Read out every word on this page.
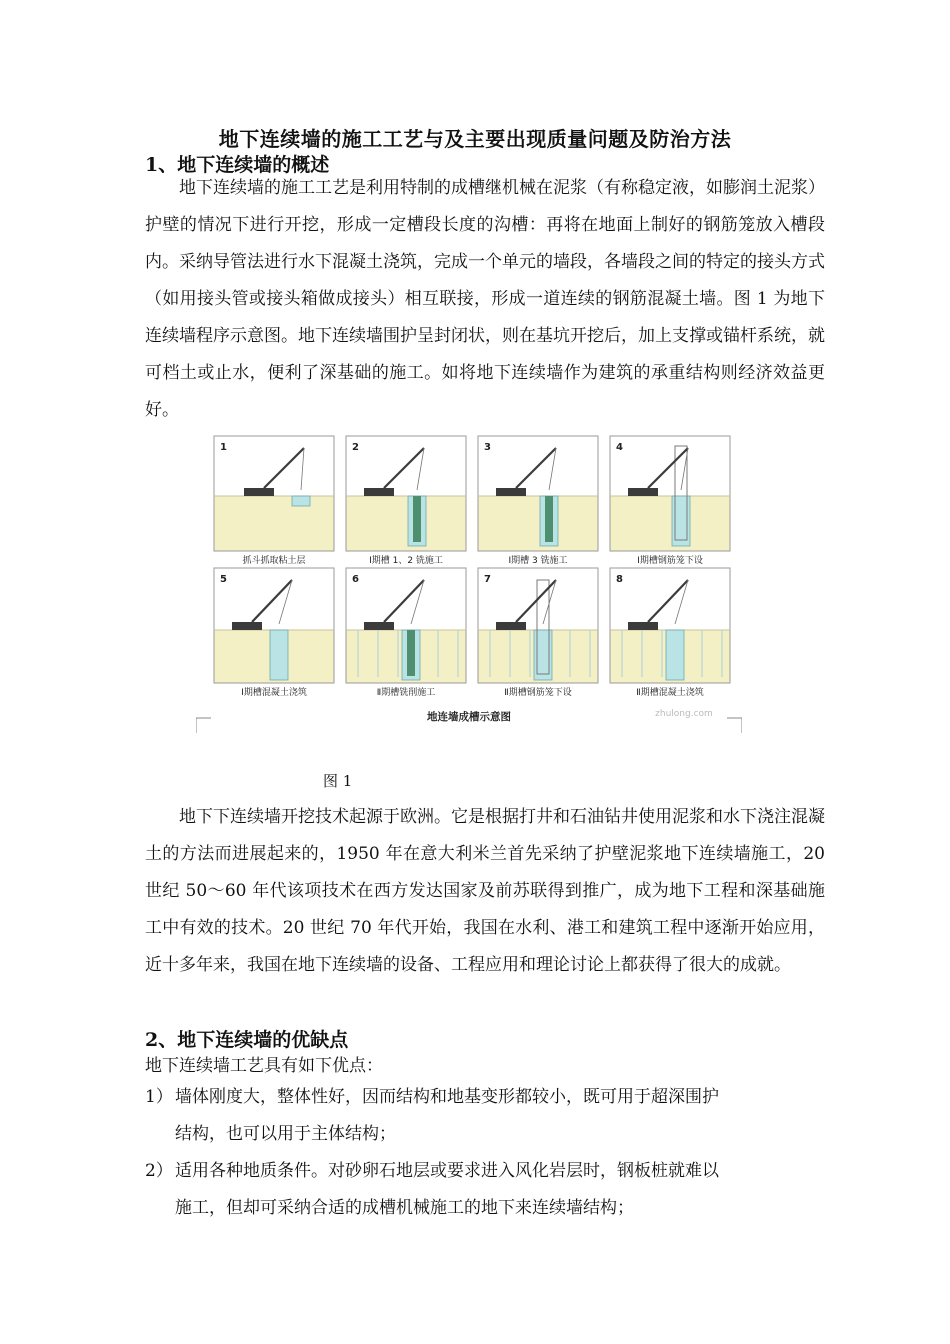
地下连续墙的施工工艺与及主要出现质量问题及防治方法
1、地下连续墙的概述

地下连续墙的施工工艺是利用特制的成槽继机械在泥浆（有称稳定液，如膨润土泥浆）护壁的情况下进行开挖，形成一定槽段长度的沟槽：再将在地面上制好的钢筋笼放入槽段内。采纳导管法进行水下混凝土浇筑，完成一个单元的墙段，各墙段之间的特定的接头方式（如用接头管或接头箱做成接头）相互联接，形成一道连续的钢筋混凝土墙。图 1 为地下连续墙程序示意图。地下连续墙围护呈封闭状，则在基坑开挖后，加上支撑或锚杆系统，就可档土或止水，便利了深基础的施工。如将地下连续墙作为建筑的承重结构则经济效益更好。

1
抓斗抓取粘土层
2
Ⅰ期槽 1、2 铣施工
3
Ⅰ期槽 3 铣施工
4
Ⅰ期槽钢筋笼下设
5
Ⅰ期槽混凝土浇筑
6
Ⅱ期槽铣削施工
7
Ⅱ期槽钢筋笼下设
8
Ⅱ期槽混凝土浇筑
地连墙成槽示意图	zhulong.com
图 1

地下下连续墙开挖技术起源于欧洲。它是根据打井和石油钻井使用泥浆和水下浇注混凝土的方法而进展起来的，1950 年在意大利米兰首先采纳了护壁泥浆地下连续墙施工，20 世纪 50～60 年代该项技术在西方发达国家及前苏联得到推广，成为地下工程和深基础施工中有效的技术。20 世纪 70 年代开始，我国在水利、港工和建筑工程中逐渐开始应用，近十多年来，我国在地下连续墙的设备、工程应用和理论讨论上都获得了很大的成就。

2、地下连续墙的优缺点
地下连续墙工艺具有如下优点：
1） 墙体刚度大，整体性好，因而结构和地基变形都较小，既可用于超深围护
结构，也可以用于主体结构；
2） 适用各种地质条件。对砂卵石地层或要求进入风化岩层时，钢板桩就难以
施工，但却可采纳合适的成槽机械施工的地下来连续墙结构；
